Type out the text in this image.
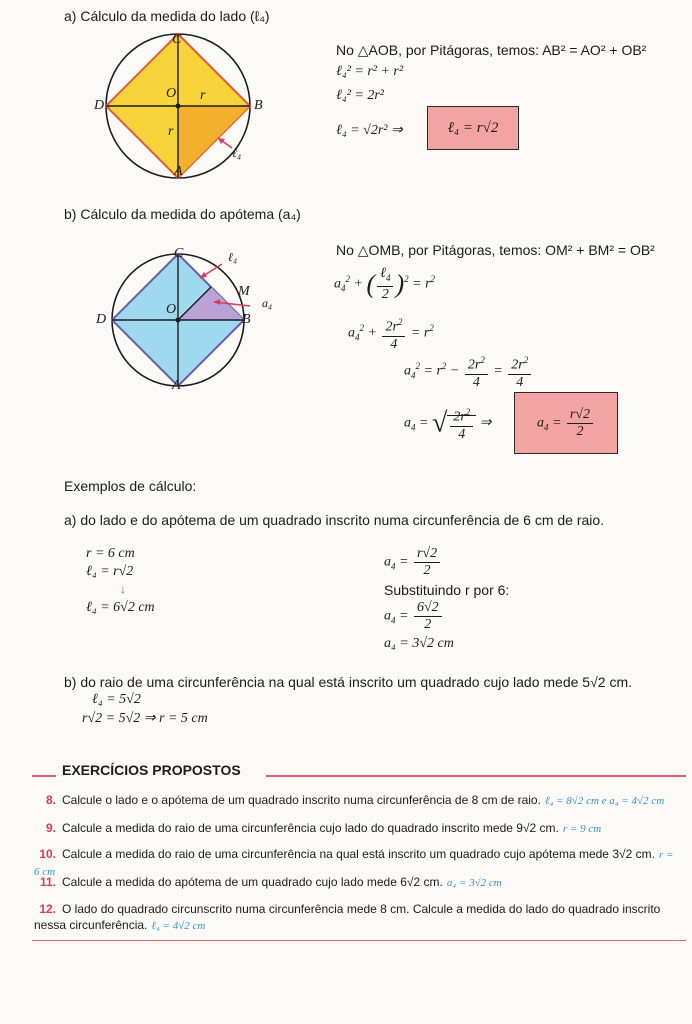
a) Cálculo da medida do lado (ℓ₄)
C
D	B
A
O r
r
ℓ₄
No △AOB, por Pitágoras, temos: AB² = AO² + OB²
ℓ₄² = r² + r²
ℓ₄² = 2r²
ℓ₄ = √2r² ⇒	ℓ₄ = r√2
b) Cálculo da medida do apótema (a₄)
C	ℓ₄
M
a₄
O
D	B
A
No △OMB, por Pitágoras, temos: OM² + BM² = OB²
$a_4^2$ + ( $\frac{\ell_4}{2} )^2 = r^2$
$a_4^2 + \frac{2r^2}{4} = r^2$
$a_4^2 = r^2 - \frac{2r^2}{4} = \frac{2r^2}{4}$
$a_4$ = √ $\frac{2r^2}{4}$ ⇒	$a_4 = \frac{r√2}{2}$
Exemplos de cálculo:
a) do lado e do apótema de um quadrado inscrito numa circunferência de 6 cm de raio.
r = 6 cm
ℓ₄ = r√2
↓
ℓ₄ = 6√2 cm
$a_4 = \frac{r√2}{2}$
Substituindo r por 6:
$a_4 = \frac{6√2}{2}$
a₄ = 3√2 cm
b) do raio de uma circunferência na qual está inscrito um quadrado cujo lado mede 5√2 cm.
ℓ₄ = 5√2
r√2 = 5√2 ⇒ r = 5 cm
EXERCÍCIOS PROPOSTOS
8. Calcule o lado e o apótema de um quadrado inscrito numa circunferência de 8 cm de raio. ℓ₄ = 8√2 cm e a₄ = 4√2 cm
9. Calcule a medida do raio de uma circunferência cujo lado do quadrado inscrito mede 9√2 cm. r = 9 cm
10. Calcule a medida do raio de uma circunferência na qual está inscrito um quadrado cujo apótema mede 3√2 cm. r = 6 cm
11. Calcule a medida do apótema de um quadrado cujo lado mede 6√2 cm. a₄ = 3√2 cm
12. O lado do quadrado circunscrito numa circunferência mede 8 cm. Calcule a medida do lado do quadrado inscrito nessa circunferência. ℓ₄ = 4√2 cm
